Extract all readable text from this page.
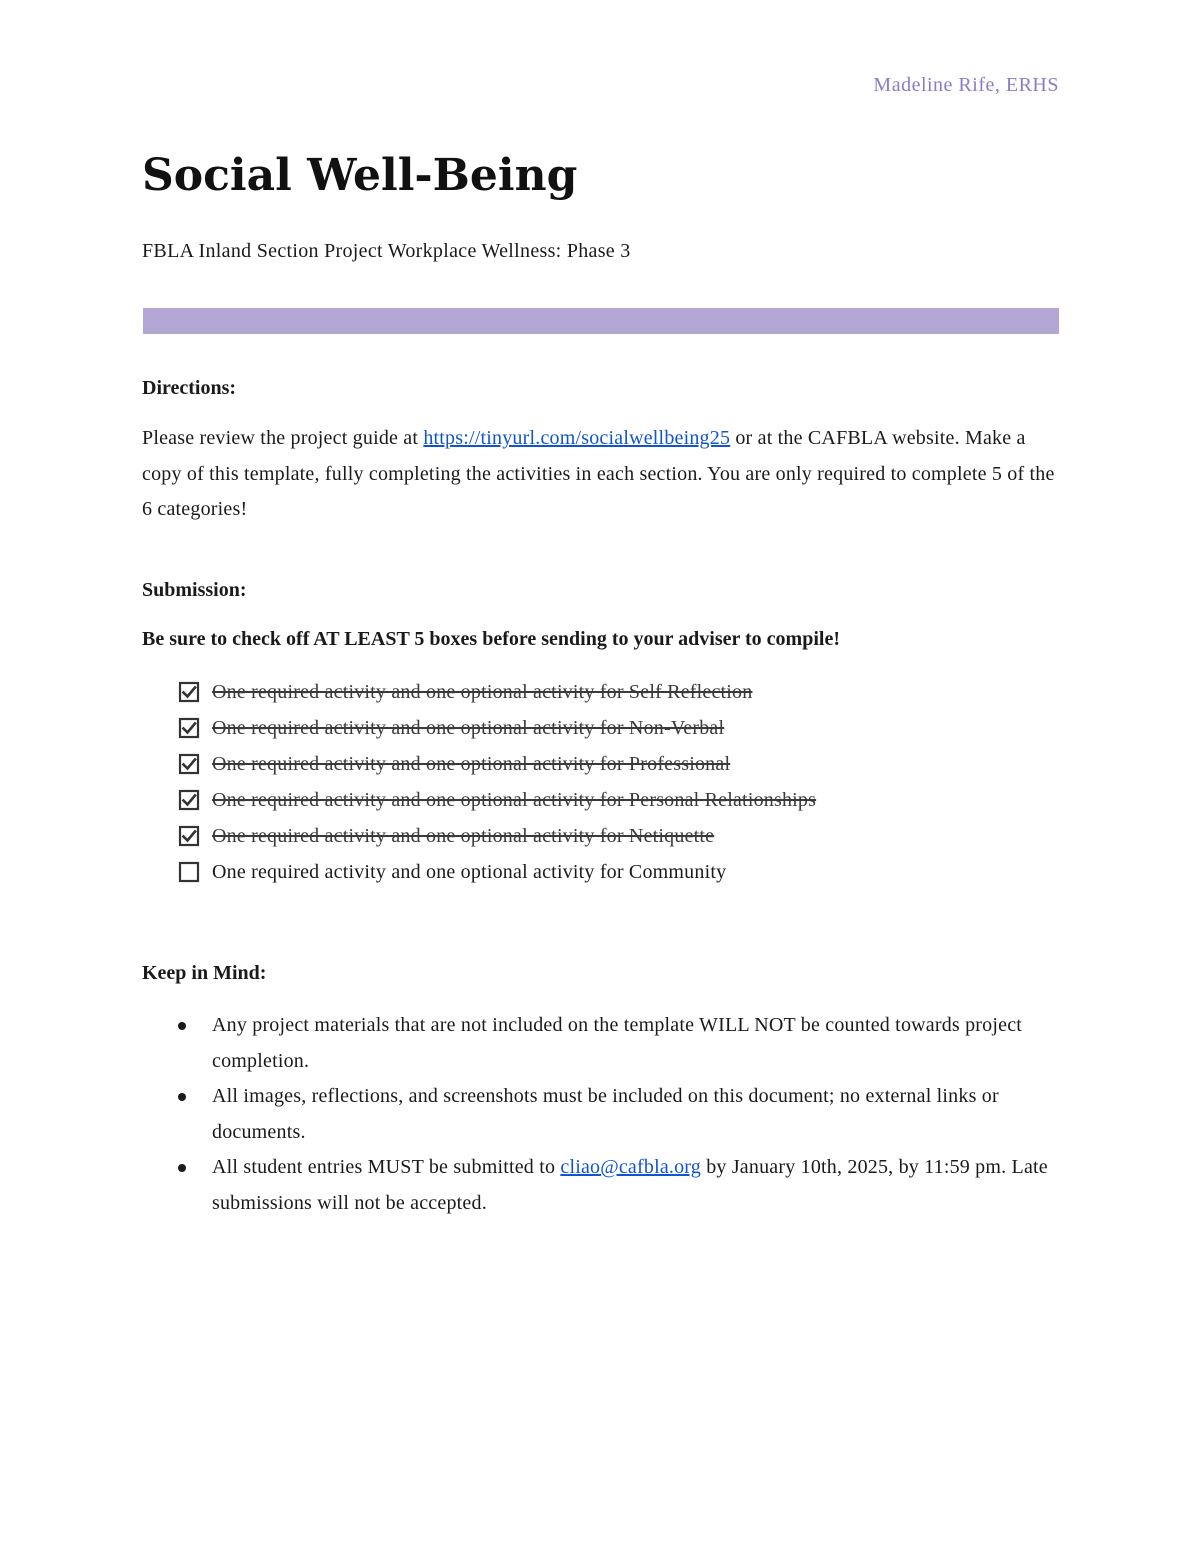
Madeline Rife, ERHS
Social Well-Being
FBLA Inland Section Project Workplace Wellness: Phase 3
Directions:
Please review the project guide at https://tinyurl.com/socialwellbeing25 or at the CAFBLA website. Make a copy of this template, fully completing the activities in each section. You are only required to complete 5 of the 6 categories!
Submission:
Be sure to check off AT LEAST 5 boxes before sending to your adviser to compile!
One required activity and one optional activity for Self Reflection
One required activity and one optional activity for Non-Verbal
One required activity and one optional activity for Professional
One required activity and one optional activity for Personal Relationships
One required activity and one optional activity for Netiquette
One required activity and one optional activity for Community
Keep in Mind:
Any project materials that are not included on the template WILL NOT be counted towards project completion.
All images, reflections, and screenshots must be included on this document; no external links or documents.
All student entries MUST be submitted to cliao@cafbla.org by January 10th, 2025, by 11:59 pm. Late submissions will not be accepted.
